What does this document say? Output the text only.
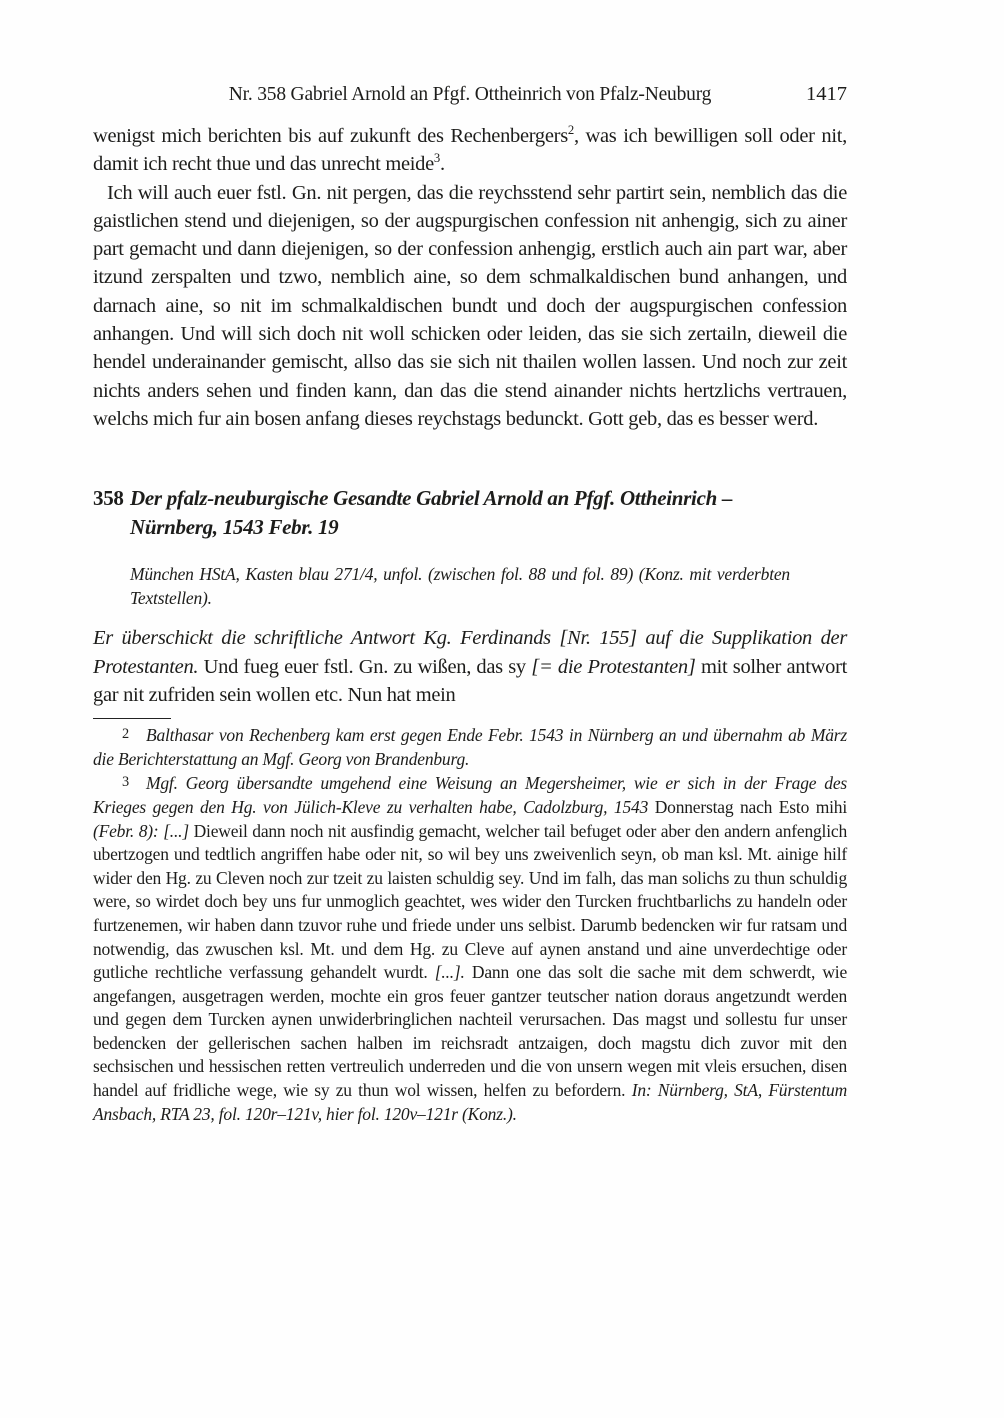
Nr. 358 Gabriel Arnold an Pfgf. Ottheinrich von Pfalz-Neuburg	1417

wenigst mich berichten bis auf zukunft des Rechenbergers$^2$, was ich bewilligen soll oder nit, damit ich recht thue und das unrecht meide$^3$.

Ich will auch euer fstl. Gn. nit pergen, das die reychsstend sehr partirt sein, nemblich das die gaistlichen stend und diejenigen, so der augspurgischen confession nit anhengig, sich zu ainer part gemacht und dann diejenigen, so der confession anhengig, erstlich auch ain part war, aber itzund zerspalten und tzwo, nemblich aine, so dem schmalkaldischen bund anhangen, und darnach aine, so nit im schmalkaldischen bundt und doch der augspurgischen confession anhangen. Und will sich doch nit woll schicken oder leiden, das sie sich zertailn, dieweil die hendel underainander gemischt, allso das sie sich nit thailen wollen lassen. Und noch zur zeit nichts anders sehen und finden kann, dan das die stend ainander nichts hertzlichs vertrauen, welchs mich fur ain bosen anfang dieses reychstags bedunckt. Gott geb, das es besser werd.

358 Der pfalz-neuburgische Gesandte Gabriel Arnold an Pfgf. Ottheinrich –
Nürnberg, 1543 Febr. 19

München HStA, Kasten blau 271/4, unfol. (zwischen fol. 88 und fol. 89) (Konz. mit verderbten Textstellen).

Er überschickt die schriftliche Antwort Kg. Ferdinands [Nr. 155] auf die Supplikation der Protestanten. Und fueg euer fstl. Gn. zu wißen, das sy [= die Protestanten] mit solher antwort gar nit zufriden sein wollen etc. Nun hat mein

2 Balthasar von Rechenberg kam erst gegen Ende Febr. 1543 in Nürnberg an und übernahm ab März die Berichterstattung an Mgf. Georg von Brandenburg.

3 Mgf. Georg übersandte umgehend eine Weisung an Megersheimer, wie er sich in der Frage des Krieges gegen den Hg. von Jülich-Kleve zu verhalten habe, Cadolzburg, 1543 Donnerstag nach Esto mihi (Febr. 8): [...] Dieweil dann noch nit ausfindig gemacht, welcher tail befuget oder aber den andern anfenglich ubertzogen und tedtlich angriffen habe oder nit, so wil bey uns zweivenlich seyn, ob man ksl. Mt. ainige hilf wider den Hg. zu Cleven noch zur tzeit zu laisten schuldig sey. Und im falh, das man solichs zu thun schuldig were, so wirdet doch bey uns fur unmoglich geachtet, wes wider den Turcken fruchtbarlichs zu handeln oder furtzenemen, wir haben dann tzuvor ruhe und friede under uns selbist. Darumb bedencken wir fur ratsam und notwendig, das zwuschen ksl. Mt. und dem Hg. zu Cleve auf aynen anstand und aine unverdechtige oder gutliche rechtliche verfassung gehandelt wurdt. [...]. Dann one das solt die sache mit dem schwerdt, wie angefangen, ausgetragen werden, mochte ein gros feuer gantzer teutscher nation doraus angetzundt werden und gegen dem Turcken aynen unwiderbringlichen nachteil verursachen. Das magst und sollestu fur unser bedencken der gellerischen sachen halben im reichsradt antzaigen, doch magstu dich zuvor mit den sechsischen und hessischen retten vertreulich underreden und die von unsern wegen mit vleis ersuchen, disen handel auf fridliche wege, wie sy zu thun wol wissen, helfen zu befordern. In: Nürnberg, StA, Fürstentum Ansbach, RTA 23, fol. 120r–121v, hier fol. 120v–121r (Konz.).
